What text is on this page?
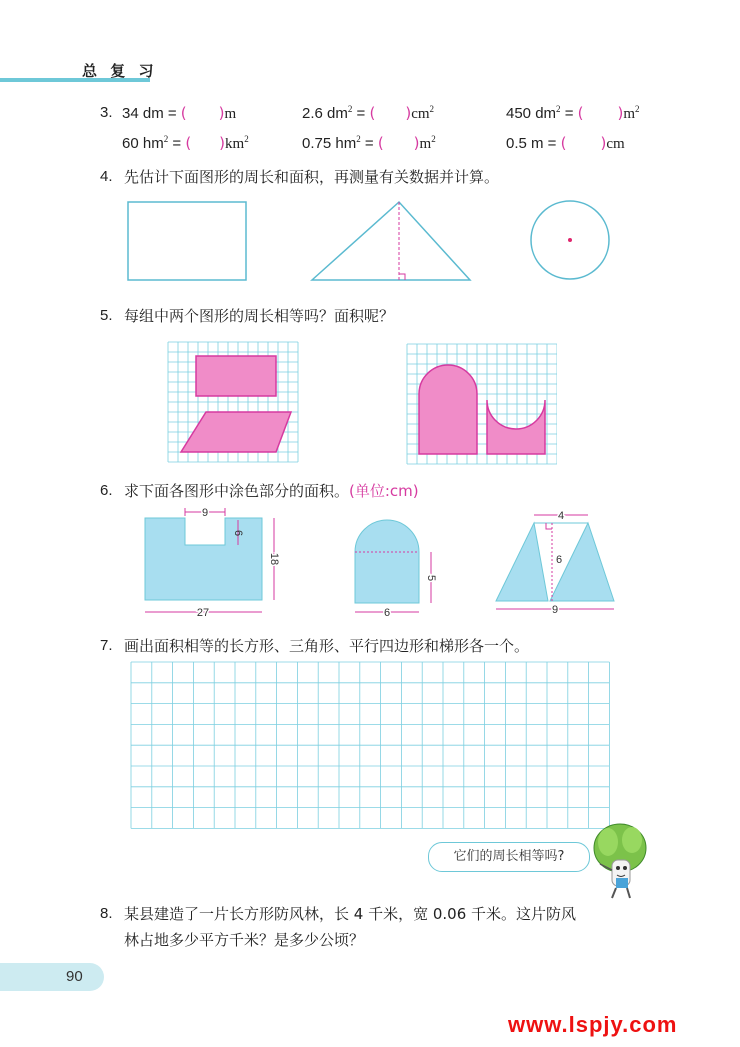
总 复 习
3. 34 dm = ( )m	2.6 $dm^2$ = ( )$cm^2$	450 $dm^2$ = ( )$m^2$
60 $hm^2$ = ( )$km^2$	0.75 $hm^2$ = ( )$m^2$	0.5 m = ( )cm
4. 先估计下面图形的周长和面积，再测量有关数据并计算。
5. 每组中两个图形的周长相等吗？面积呢？
6. 求下面各图形中涂色部分的面积。(单位:cm)
9
6
18
27
5
6
4
6
9
7. 画出面积相等的长方形、三角形、平行四边形和梯形各一个。
它们的周长相等吗?
8. 某县建造了一片长方形防风林，长 4 千米，宽 0.06 千米。这片防风
林占地多少平方千米？是多少公顷？
90
www.lspjy.com
